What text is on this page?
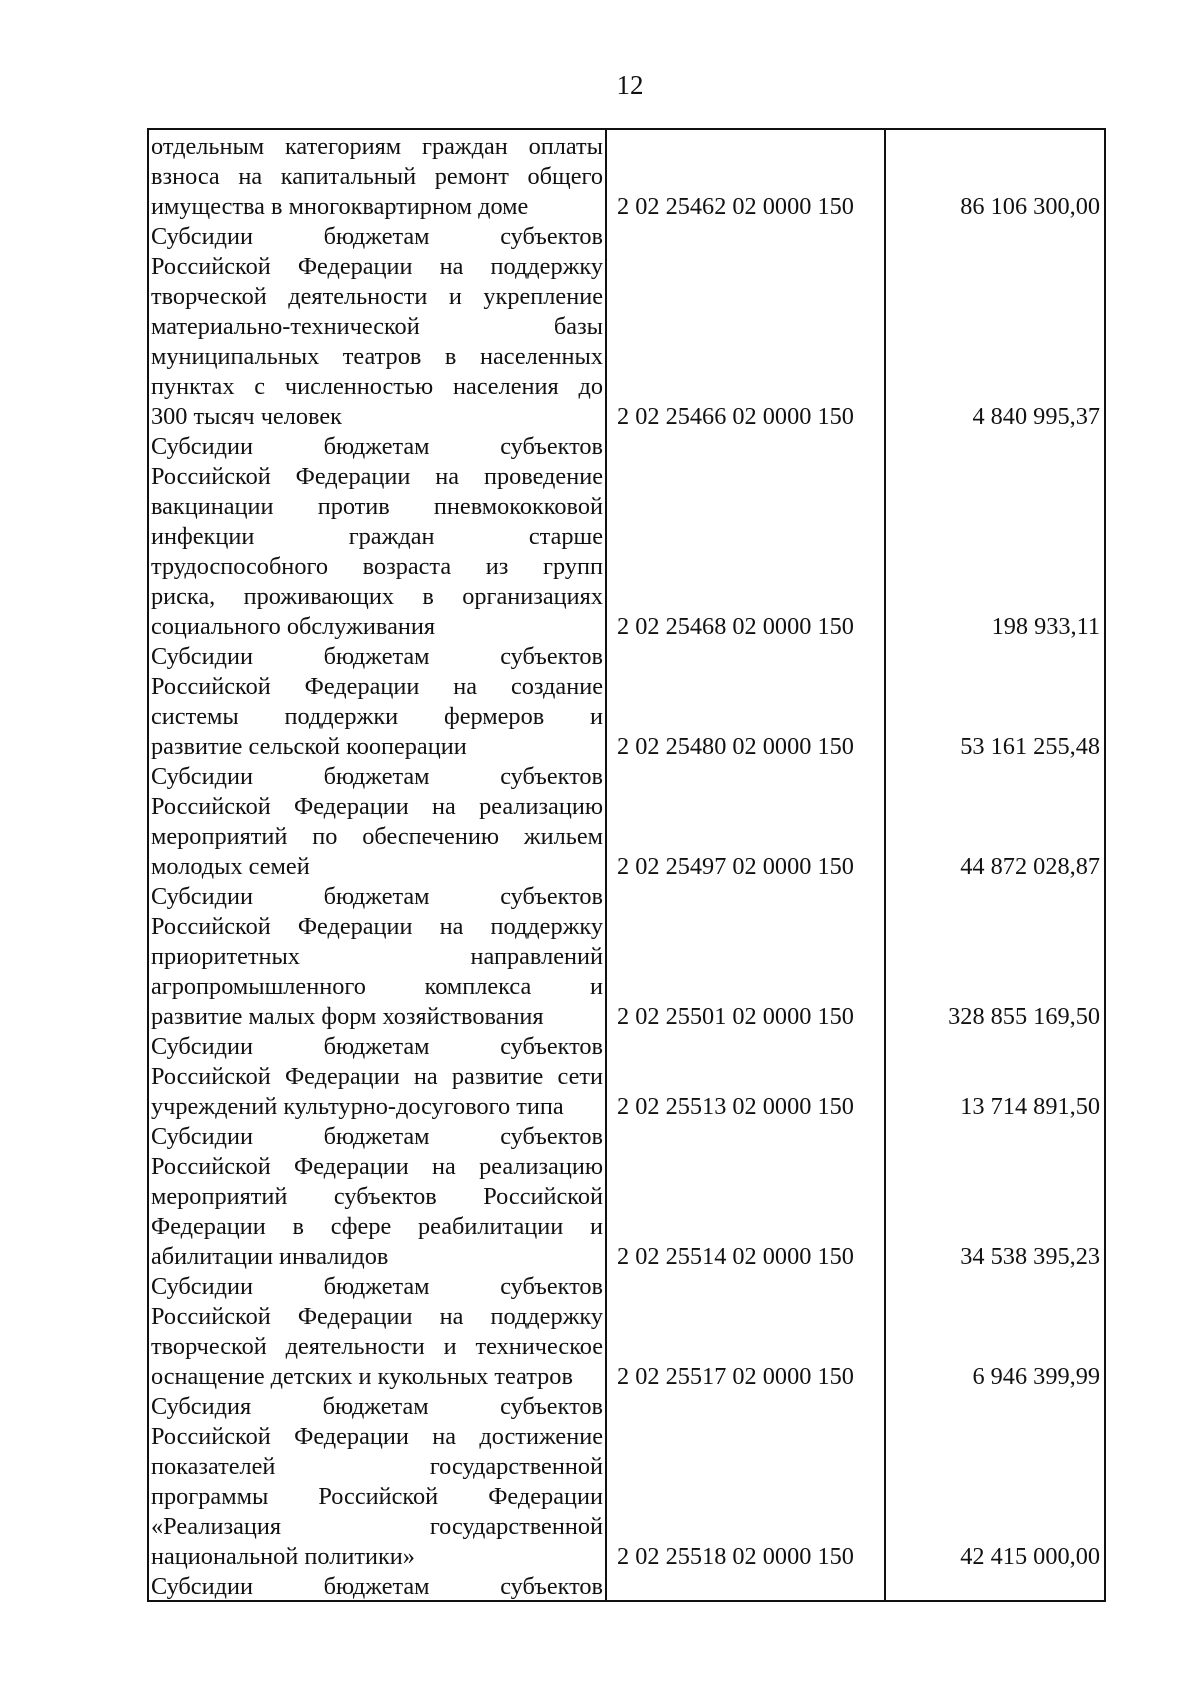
12
отдельным категориям граждан оплаты
взноса на капитальный ремонт общего
имущества в многоквартирном доме	2 02 25462 02 0000 150	86 106 300,00
Субсидии бюджетам субъектов
Российской Федерации на поддержку
творческой деятельности и укрепление
материально-технической базы
муниципальных театров в населенных
пунктах с численностью населения до
300 тысяч человек	2 02 25466 02 0000 150	4 840 995,37
Субсидии бюджетам субъектов
Российской Федерации на проведение
вакцинации против пневмококковой
инфекции граждан старше
трудоспособного возраста из групп
риска, проживающих в организациях
социального обслуживания	2 02 25468 02 0000 150	198 933,11
Субсидии бюджетам субъектов
Российской Федерации на создание
системы поддержки фермеров и
развитие сельской кооперации	2 02 25480 02 0000 150	53 161 255,48
Субсидии бюджетам субъектов
Российской Федерации на реализацию
мероприятий по обеспечению жильем
молодых семей	2 02 25497 02 0000 150	44 872 028,87
Субсидии бюджетам субъектов
Российской Федерации на поддержку
приоритетных направлений
агропромышленного комплекса и
развитие малых форм хозяйствования	2 02 25501 02 0000 150	328 855 169,50
Субсидии бюджетам субъектов
Российской Федерации на развитие сети
учреждений культурно-досугового типа	2 02 25513 02 0000 150	13 714 891,50
Субсидии бюджетам субъектов
Российской Федерации на реализацию
мероприятий субъектов Российской
Федерации в сфере реабилитации и
абилитации инвалидов	2 02 25514 02 0000 150	34 538 395,23
Субсидии бюджетам субъектов
Российской Федерации на поддержку
творческой деятельности и техническое
оснащение детских и кукольных театров	2 02 25517 02 0000 150	6 946 399,99
Субсидия бюджетам субъектов
Российской Федерации на достижение
показателей государственной
программы Российской Федерации
«Реализация государственной
национальной политики»	2 02 25518 02 0000 150	42 415 000,00
Субсидии бюджетам субъектов
